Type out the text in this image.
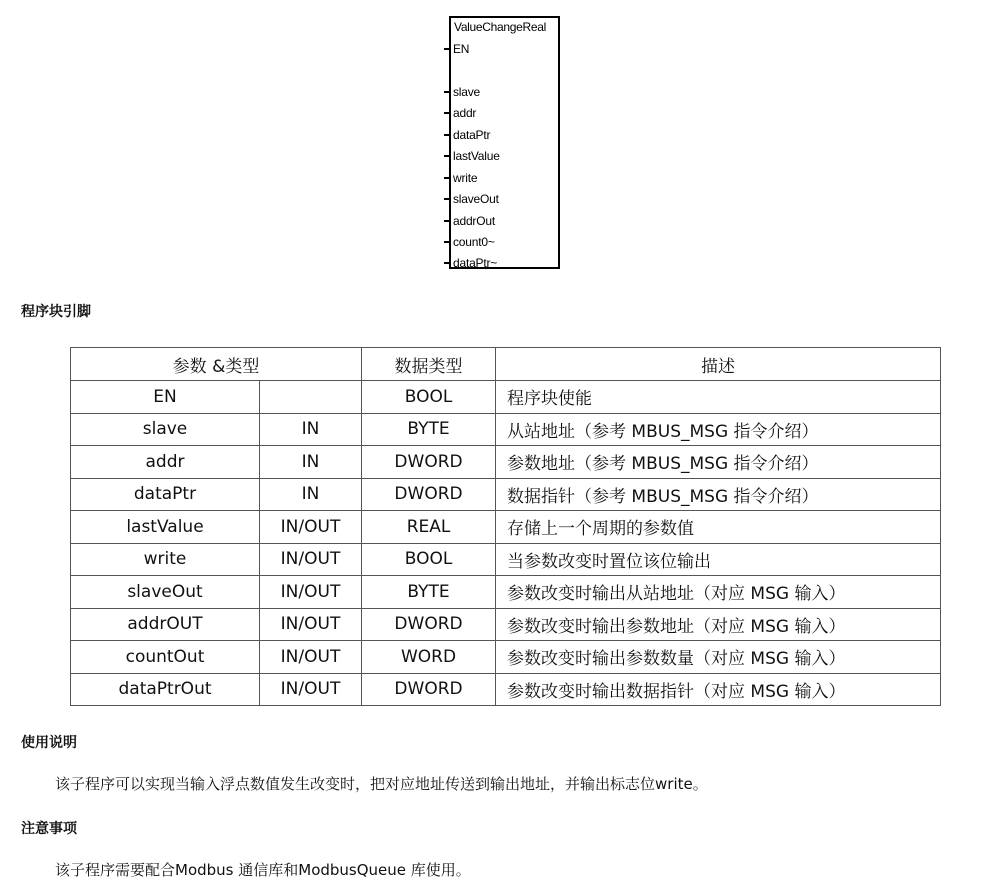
ValueChangeReal
EN
slave
addr
dataPtr
lastValue
write
slaveOut
addrOut
count0~
dataPtr~
程序块引脚
参数 &类型		数据类型	描述
EN		BOOL	程序块使能
slave	IN	BYTE	从站地址（参考 MBUS_MSG 指令介绍）
addr	IN	DWORD	参数地址（参考 MBUS_MSG 指令介绍）
dataPtr	IN	DWORD	数据指针（参考 MBUS_MSG 指令介绍）
lastValue	IN/OUT	REAL	存储上一个周期的参数值
write	IN/OUT	BOOL	当参数改变时置位该位输出
slaveOut	IN/OUT	BYTE	参数改变时输出从站地址（对应 MSG 输入）
addrOUT	IN/OUT	DWORD	参数改变时输出参数地址（对应 MSG 输入）
countOut	IN/OUT	WORD	参数改变时输出参数数量（对应 MSG 输入）
dataPtrOut	IN/OUT	DWORD	参数改变时输出数据指针（对应 MSG 输入）
使用说明
该子程序可以实现当输入浮点数值发生改变时，把对应地址传送到输出地址，并输出标志位write。
注意事项
该子程序需要配合Modbus 通信库和ModbusQueue 库使用。
